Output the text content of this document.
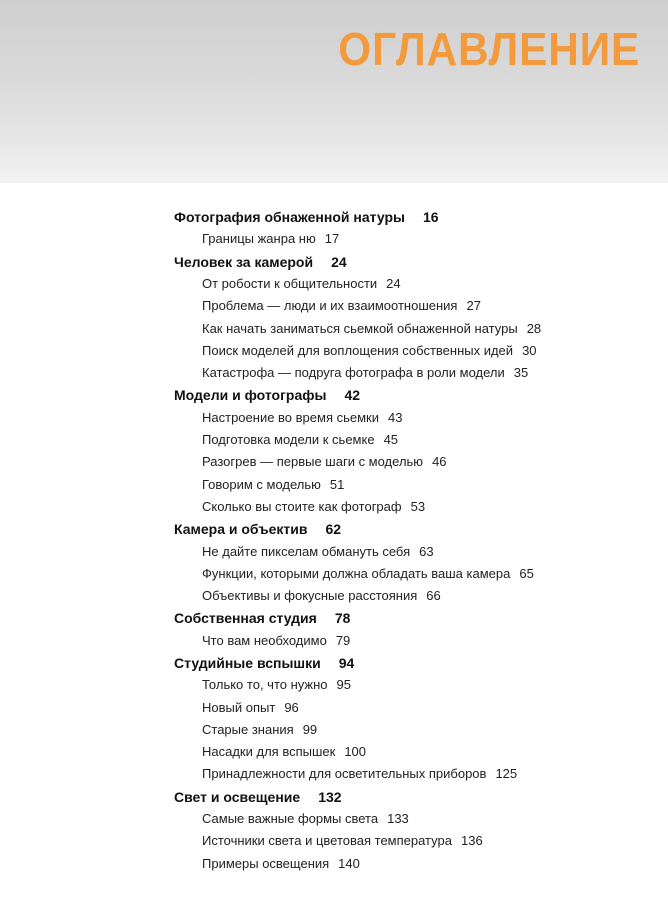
ОГЛАВЛЕНИЕ
Фотография обнаженной натуры 16
Границы жанра ню 17
Человек за камерой 24
От робости к общительности 24
Проблема — люди и их взаимоотношения 27
Как начать заниматься сьемкой обнаженной натуры 28
Поиск моделей для воплощения собственных идей 30
Катастрофа — подруга фотографа в роли модели 35
Модели и фотографы 42
Настроение во время сьемки 43
Подготовка модели к сьемке 45
Разогрев — первые шаги с моделью 46
Говорим с моделью 51
Сколько вы стоите как фотограф 53
Камера и объектив 62
Не дайте пикселам обмануть себя 63
Функции, которыми должна обладать ваша камера 65
Объективы и фокусные расстояния 66
Собственная студия 78
Что вам необходимо 79
Студийные вспышки 94
Только то, что нужно 95
Новый опыт 96
Старые знания 99
Насадки для вспышек 100
Принадлежности для осветительных приборов 125
Свет и освещение 132
Самые важные формы света 133
Источники света и цветовая температура 136
Примеры освещения 140
